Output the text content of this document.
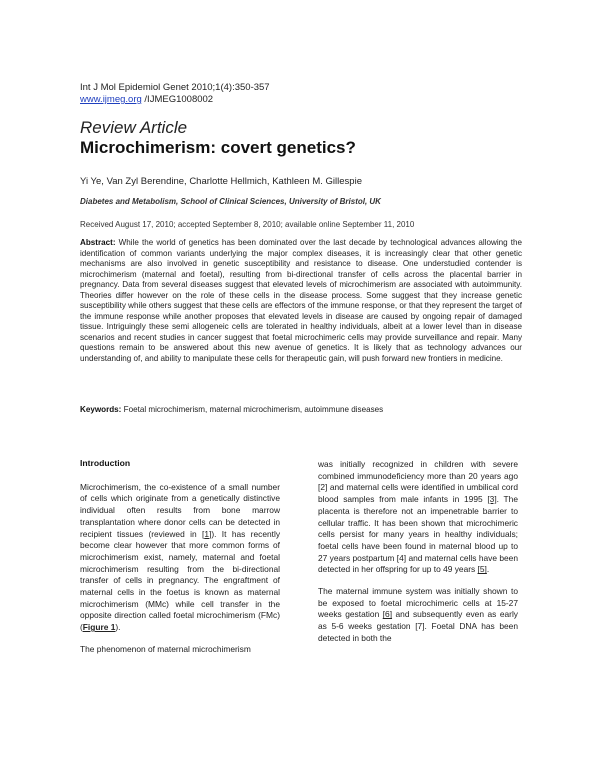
Int J Mol Epidemiol Genet 2010;1(4):350-357
www.ijmeg.org /IJMEG1008002
Review Article
Microchimerism: covert genetics?
Yi Ye, Van Zyl Berendine, Charlotte Hellmich, Kathleen M. Gillespie
Diabetes and Metabolism, School of Clinical Sciences, University of Bristol, UK
Received August 17, 2010; accepted September 8, 2010; available online September 11, 2010
Abstract: While the world of genetics has been dominated over the last decade by technological advances allowing the identification of common variants underlying the major complex diseases, it is increasingly clear that other genetic mechanisms are also involved in genetic susceptibility and resistance to disease. One understudied contender is microchimerism (maternal and foetal), resulting from bi-directional transfer of cells across the placental barrier in pregnancy. Data from several diseases suggest that elevated levels of microchimerism are associated with autoimmunity. Theories differ however on the role of these cells in the disease process. Some suggest that they increase genetic susceptibility while others suggest that these cells are effectors of the immune response, or that they represent the target of the immune response while another proposes that elevated levels in disease are caused by ongoing repair of damaged tissue. Intriguingly these semi allogeneic cells are tolerated in healthy individuals, albeit at a lower level than in disease scenarios and recent studies in cancer suggest that foetal microchimeric cells may provide surveillance and repair. Many questions remain to be answered about this new avenue of genetics. It is likely that as technology advances our understanding of, and ability to manipulate these cells for therapeutic gain, will push forward new frontiers in medicine.
Keywords: Foetal microchimerism, maternal microchimerism, autoimmune diseases
Introduction

Microchimerism, the co-existence of a small number of cells which originate from a genetically distinctive individual often results from bone marrow transplantation where donor cells can be detected in recipient tissues (reviewed in [1]). It has recently become clear however that more common forms of microchimerism exist, namely, maternal and foetal microchimerism resulting from the bi-directional transfer of cells in pregnancy. The engraftment of maternal cells in the foetus is known as maternal microchimerism (MMc) while cell transfer in the opposite direction called foetal microchimerism (FMc) (Figure 1).

The phenomenon of maternal microchimerism

was initially recognized in children with severe combined immunodeficiency more than 20 years ago [2] and maternal cells were identified in umbilical cord blood samples from male infants in 1995 [3]. The placenta is therefore not an impenetrable barrier to cellular traffic. It has been shown that microchimeric cells persist for many years in healthy individuals; foetal cells have been found in maternal blood up to 27 years postpartum [4] and maternal cells have been detected in her offspring for up to 49 years [5].

The maternal immune system was initially shown to be exposed to foetal microchimeric cells at 15-27 weeks gestation [6] and subsequently even as early as 5-6 weeks gestation [7]. Foetal DNA has been detected in both the
